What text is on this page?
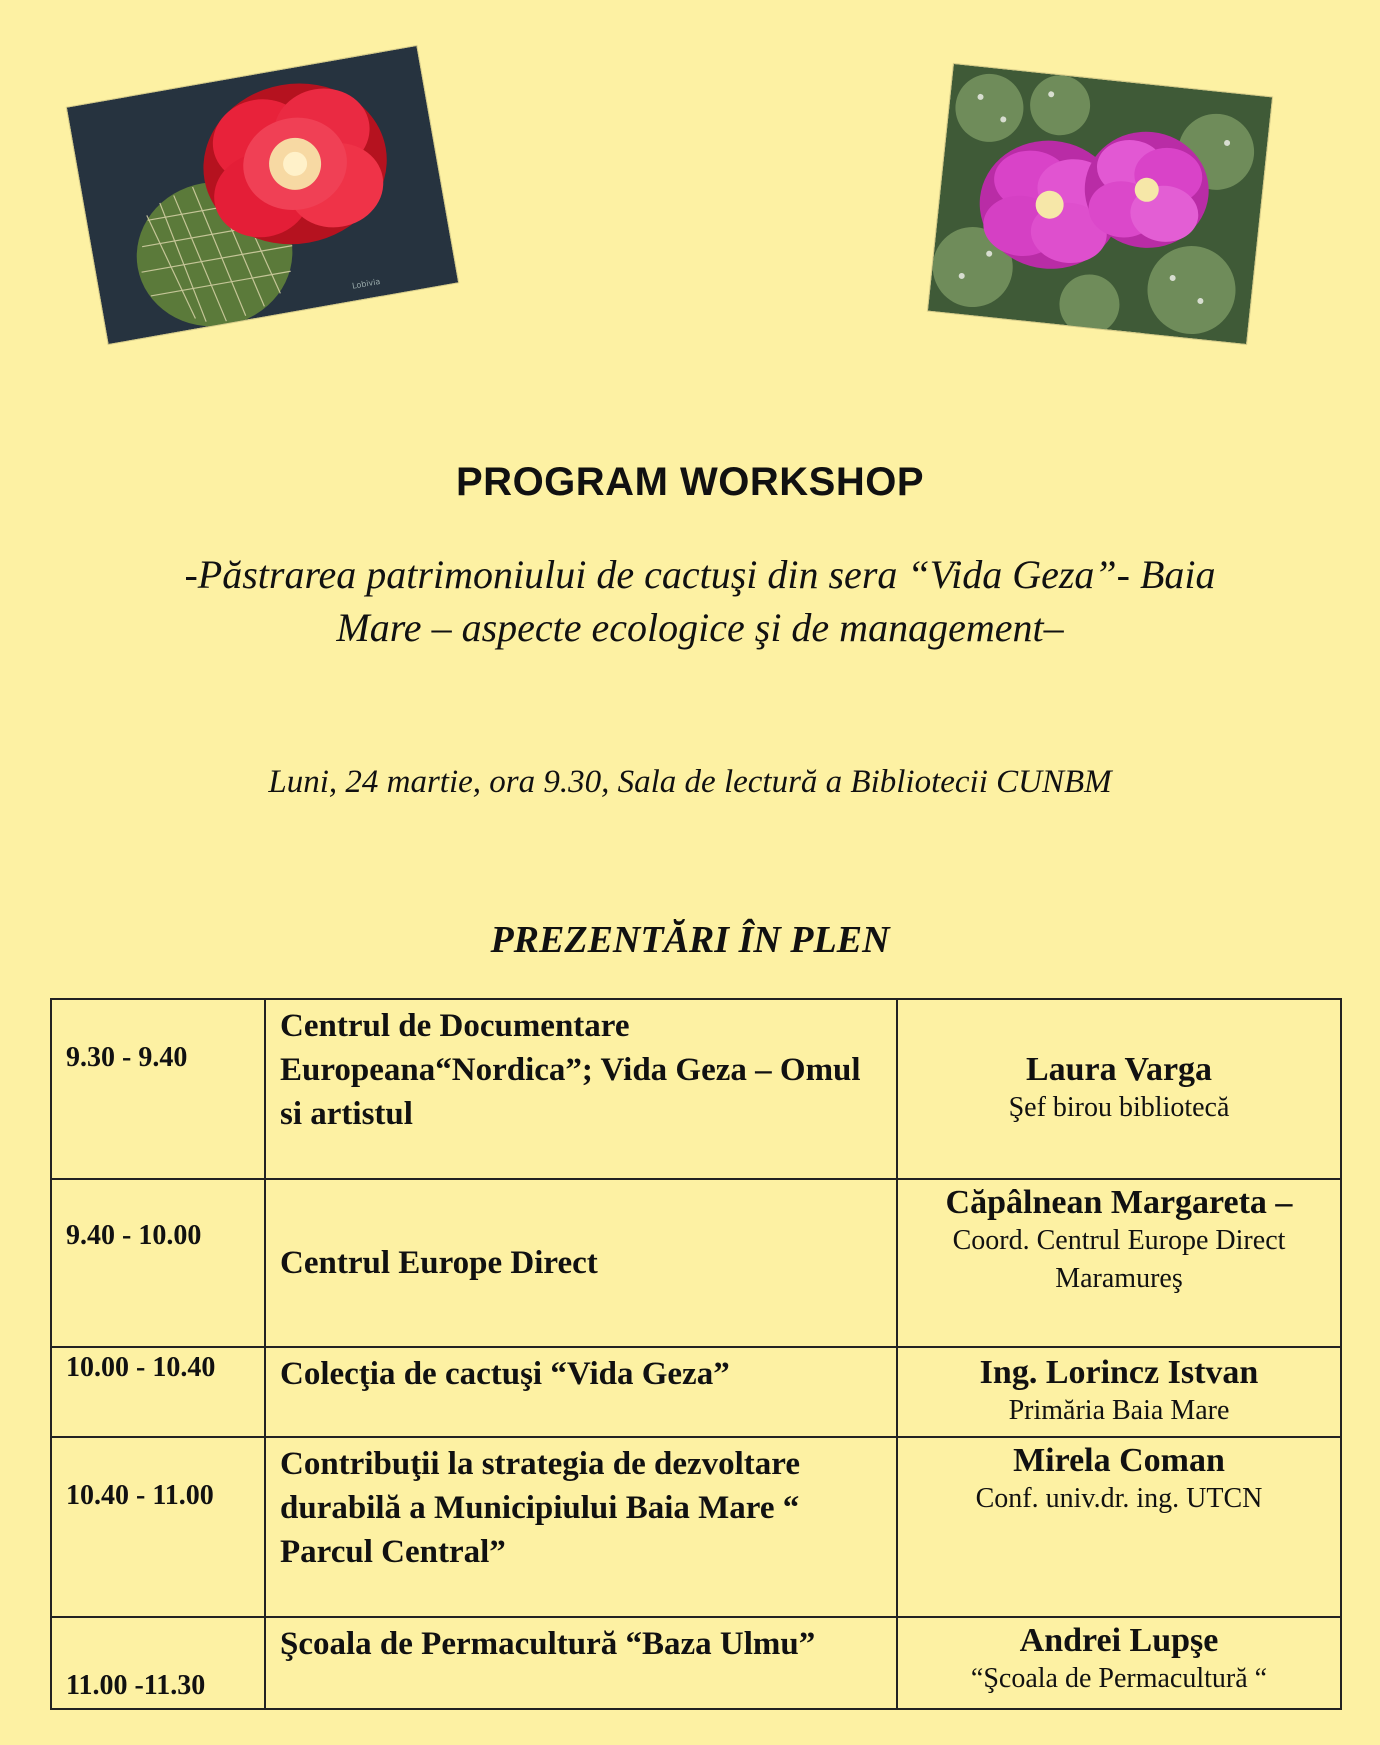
Lobivia
PROGRAM WORKSHOP
-Păstrarea patrimoniului de cactuşi din sera “Vida Geza”- Baia
Mare – aspecte ecologice şi de management–
Luni, 24 martie, ora 9.30, Sala de lectură a Bibliotecii CUNBM
PREZENTĂRI ÎN PLEN
9.30 - 9.40	Centrul de Documentare Europeana“Nordica”; Vida Geza – Omul si artistul	Laura Varga
Şef birou bibliotecă

9.40 - 10.00	Centrul Europe Direct	Căpâlnean Margareta –
Coord. Centrul Europe Direct Maramureş

10.00 - 10.40	Colecţia de cactuşi “Vida Geza”	Ing. Lorincz Istvan
Primăria Baia Mare

10.40 - 11.00	Contribuţii la strategia de dezvoltare durabilă a Municipiului Baia Mare “ Parcul Central”	Mirela Coman
Conf. univ.dr. ing. UTCN

11.00 -11.30	Şcoala de Permacultură “Baza Ulmu”	Andrei Lupşe
“Şcoala de Permacultură “
